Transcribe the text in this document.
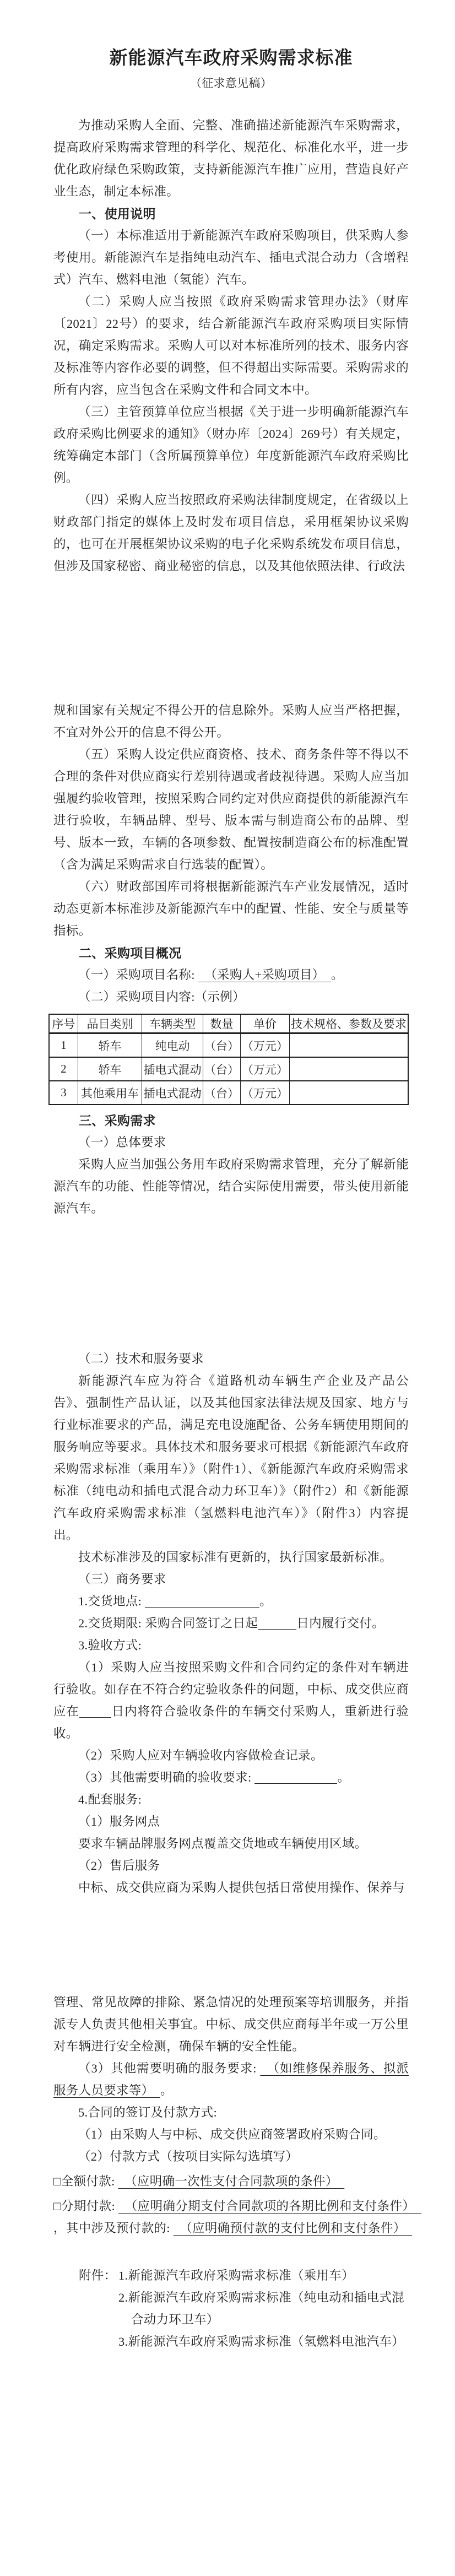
新能源汽车政府采购需求标准
（征求意见稿）
为推动采购人全面、完整、准确描述新能源汽车采购需求，提高政府采购需求管理的科学化、规范化、标准化水平，进一步优化政府绿色采购政策，支持新能源汽车推广应用，营造良好产业生态，制定本标准。
一、使用说明
（一）本标准适用于新能源汽车政府采购项目，供采购人参考使用。新能源汽车是指纯电动汽车、插电式混合动力（含增程式）汽车、燃料电池（氢能）汽车。
（二）采购人应当按照《政府采购需求管理办法》（财库〔2021〕22号）的要求，结合新能源汽车政府采购项目实际情况，确定采购需求。采购人可以对本标准所列的技术、服务内容及标准等内容作必要的调整，但不得超出实际需要。采购需求的所有内容，应当包含在采购文件和合同文本中。
（三）主管预算单位应当根据《关于进一步明确新能源汽车政府采购比例要求的通知》（财办库〔2024〕269号）有关规定，统筹确定本部门（含所属预算单位）年度新能源汽车政府采购比例。
（四）采购人应当按照政府采购法律制度规定，在省级以上财政部门指定的媒体上及时发布项目信息，采用框架协议采购的，也可在开展框架协议采购的电子化采购系统发布项目信息，但涉及国家秘密、商业秘密的信息，以及其他依照法律、行政法
规和国家有关规定不得公开的信息除外。采购人应当严格把握，不宜对外公开的信息不得公开。
（五）采购人设定供应商资格、技术、商务条件等不得以不合理的条件对供应商实行差别待遇或者歧视待遇。采购人应当加强履约验收管理，按照采购合同约定对供应商提供的新能源汽车进行验收，车辆品牌、型号、版本需与制造商公布的品牌、型号、版本一致，车辆的各项参数、配置按制造商公布的标准配置（含为满足采购需求自行选装的配置）。
（六）财政部国库司将根据新能源汽车产业发展情况，适时动态更新本标准涉及新能源汽车中的配置、性能、安全与质量等指标。
二、采购项目概况
（一）采购项目名称: 　（采购人+采购项目）　。
（二）采购项目内容:（示例）
序号	品目类别	车辆类型	数量	单价	技术规格、参数及要求
1	轿车	纯电动	（台）	（万元）	
2	轿车	插电式混动	（台）	（万元）	
3	其他乘用车	插电式混动	（台）	（万元）	
三、采购需求
（一）总体要求
采购人应当加强公务用车政府采购需求管理，充分了解新能源汽车的功能、性能等情况，结合实际使用需要，带头使用新能源汽车。
（二）技术和服务要求
新能源汽车应为符合《道路机动车辆生产企业及产品公告》、强制性产品认证，以及其他国家法律法规及国家、地方与行业标准要求的产品，满足充电设施配备、公务车辆使用期间的服务响应等要求。具体技术和服务要求可根据《新能源汽车政府采购需求标准（乘用车）》（附件1）、《新能源汽车政府采购需求标准（纯电动和插电式混合动力环卫车）》（附件2）和《新能源汽车政府采购需求标准（氢燃料电池汽车）》（附件3）内容提出。
技术标准涉及的国家标准有更新的，执行国家最新标准。
（三）商务要求
1.交货地点:	。
2.交货期限: 采购合同签订之日起	日内履行交付。
3.验收方式:
（1）采购人应当按照采购文件和合同约定的条件对车辆进行验收。如存在不符合约定验收条件的问题，中标、成交供应商应在	日内将符合验收条件的车辆交付采购人，重新进行验收。
（2）采购人应对车辆验收内容做检查记录。
（3）其他需要明确的验收要求:	。
4.配套服务:
（1）服务网点
要求车辆品牌服务网点覆盖交货地或车辆使用区域。
（2）售后服务
中标、成交供应商为采购人提供包括日常使用操作、保养与
管理、常见故障的排除、紧急情况的处理预案等培训服务，并指派专人负责其他相关事宜。中标、成交供应商每半年或一万公里对车辆进行安全检测，确保车辆的安全性能。
（3）其他需要明确的服务要求: 　（如维修保养服务、拟派服务人员要求等）　。
5.合同的签订及付款方式:
（1）由采购人与中标、成交供应商签署政府采购合同。
（2）付款方式（按项目实际勾选填写）
□全额付款: 　（应明确一次性支付合同款项的条件）　
□分期付款: 　（应明确分期支付合同款项的各期比例和支付条件）　，其中涉及预付款的: 　（应明确预付款的支付比例和支付条件）　
附件： 1.新能源汽车政府采购需求标准（乘用车）
2.新能源汽车政府采购需求标准（纯电动和插电式混合动力环卫车）
3.新能源汽车政府采购需求标准（氢燃料电池汽车）
